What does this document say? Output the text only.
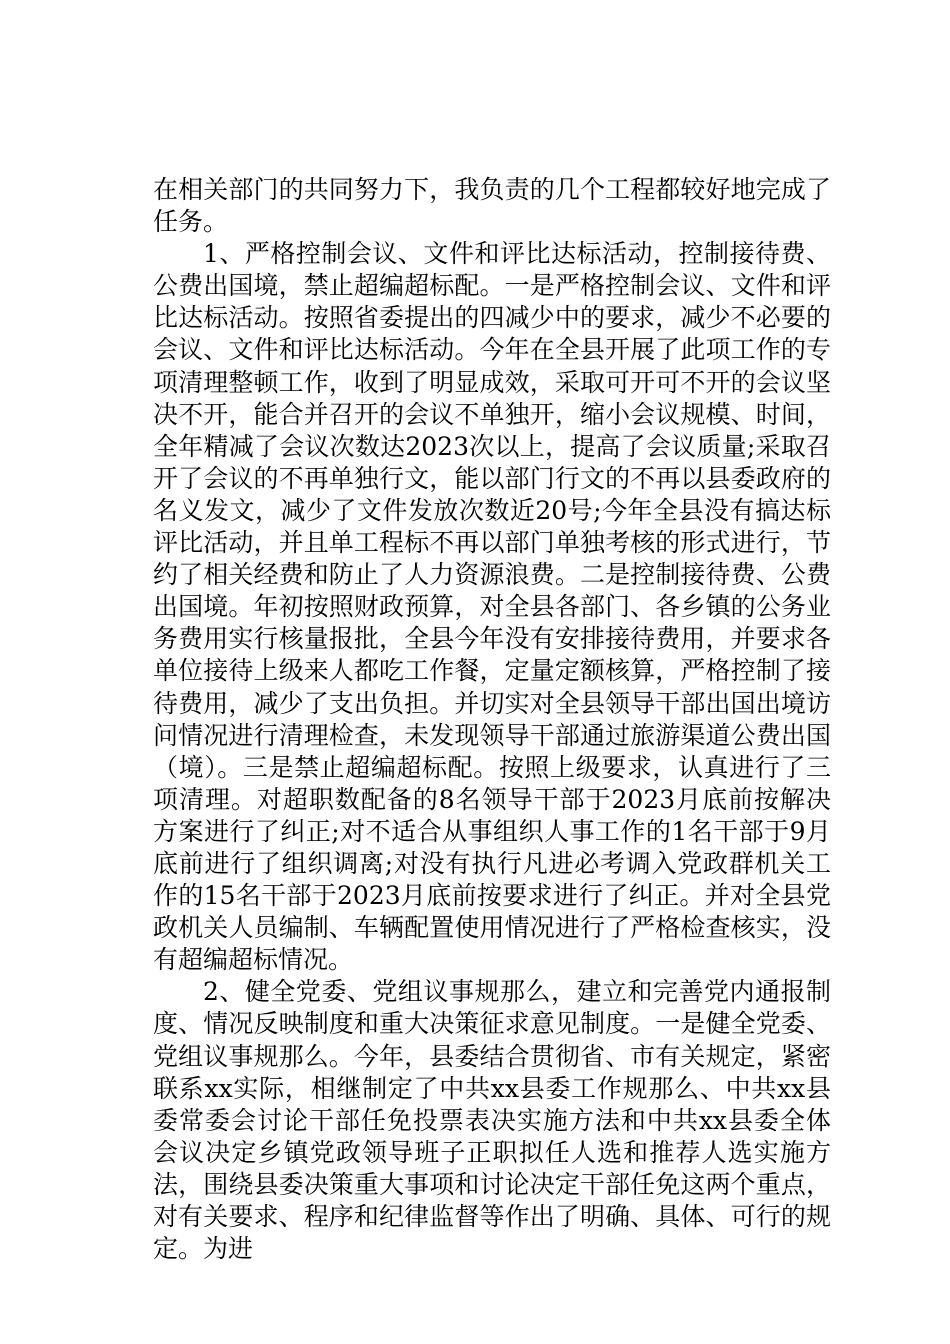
在相关部门的共同努力下，我负责的几个工程都较好地完成了任务。

1、严格控制会议、文件和评比达标活动，控制接待费、公费出国境，禁止超编超标配。一是严格控制会议、文件和评比达标活动。按照省委提出的四减少中的要求，减少不必要的会议、文件和评比达标活动。今年在全县开展了此项工作的专项清理整顿工作，收到了明显成效，采取可开可不开的会议坚决不开，能合并召开的会议不单独开，缩小会议规模、时间，全年精减了会议次数达2023次以上，提高了会议质量;采取召开了会议的不再单独行文，能以部门行文的不再以县委政府的名义发文，减少了文件发放次数近20号;今年全县没有搞达标评比活动，并且单工程标不再以部门单独考核的形式进行，节约了相关经费和防止了人力资源浪费。二是控制接待费、公费出国境。年初按照财政预算，对全县各部门、各乡镇的公务业务费用实行核量报批，全县今年没有安排接待费用，并要求各单位接待上级来人都吃工作餐，定量定额核算，严格控制了接待费用，减少了支出负担。并切实对全县领导干部出国出境访问情况进行清理检查，未发现领导干部通过旅游渠道公费出国（境）。三是禁止超编超标配。按照上级要求，认真进行了三项清理。对超职数配备的8名领导干部于2023月底前按解决方案进行了纠正;对不适合从事组织人事工作的1名干部于9月底前进行了组织调离;对没有执行凡进必考调入党政群机关工作的15名干部于2023月底前按要求进行了纠正。并对全县党政机关人员编制、车辆配置使用情况进行了严格检查核实，没有超编超标情况。

2、健全党委、党组议事规那么，建立和完善党内通报制度、情况反映制度和重大决策征求意见制度。一是健全党委、党组议事规那么。今年，县委结合贯彻省、市有关规定，紧密联系xx实际，相继制定了中共xx县委工作规那么、中共xx县委常委会讨论干部任免投票表决实施方法和中共xx县委全体会议决定乡镇党政领导班子正职拟任人选和推荐人选实施方法，围绕县委决策重大事项和讨论决定干部任免这两个重点，对有关要求、程序和纪律监督等作出了明确、具体、可行的规定。为进
